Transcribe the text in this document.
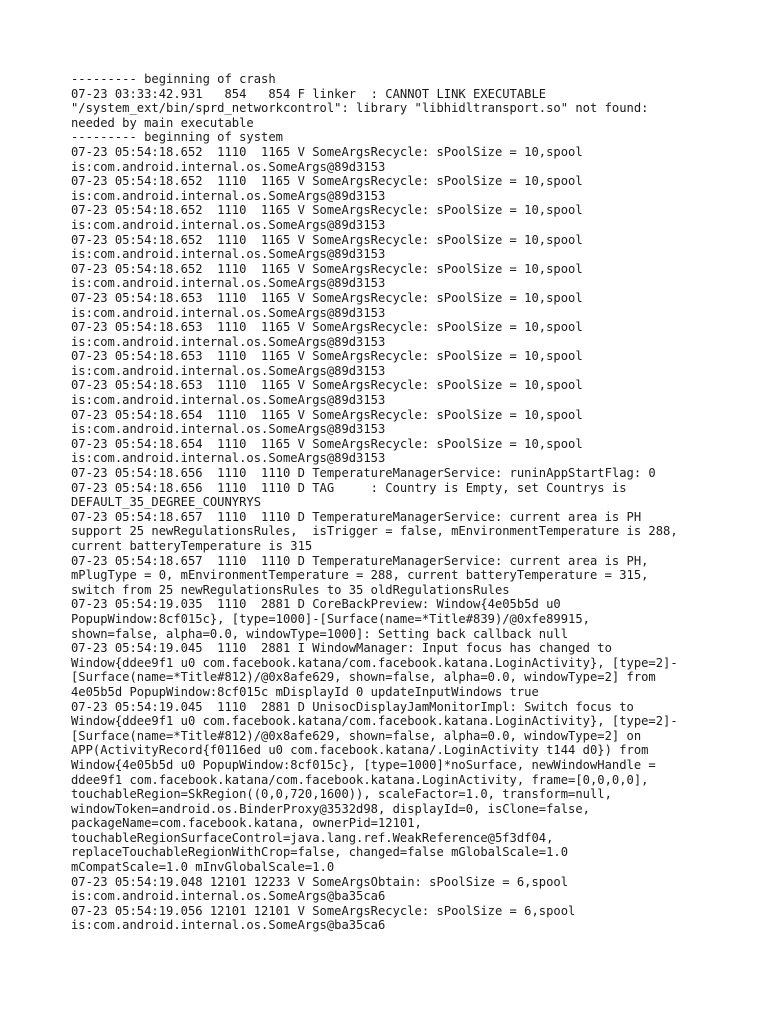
--------- beginning of crash
07-23 03:33:42.931   854   854 F linker  : CANNOT LINK EXECUTABLE
"/system_ext/bin/sprd_networkcontrol": library "libhidltransport.so" not found:
needed by main executable
--------- beginning of system
07-23 05:54:18.652  1110  1165 V SomeArgsRecycle: sPoolSize = 10,spool
is:com.android.internal.os.SomeArgs@89d3153
07-23 05:54:18.652  1110  1165 V SomeArgsRecycle: sPoolSize = 10,spool
is:com.android.internal.os.SomeArgs@89d3153
07-23 05:54:18.652  1110  1165 V SomeArgsRecycle: sPoolSize = 10,spool
is:com.android.internal.os.SomeArgs@89d3153
07-23 05:54:18.652  1110  1165 V SomeArgsRecycle: sPoolSize = 10,spool
is:com.android.internal.os.SomeArgs@89d3153
07-23 05:54:18.652  1110  1165 V SomeArgsRecycle: sPoolSize = 10,spool
is:com.android.internal.os.SomeArgs@89d3153
07-23 05:54:18.653  1110  1165 V SomeArgsRecycle: sPoolSize = 10,spool
is:com.android.internal.os.SomeArgs@89d3153
07-23 05:54:18.653  1110  1165 V SomeArgsRecycle: sPoolSize = 10,spool
is:com.android.internal.os.SomeArgs@89d3153
07-23 05:54:18.653  1110  1165 V SomeArgsRecycle: sPoolSize = 10,spool
is:com.android.internal.os.SomeArgs@89d3153
07-23 05:54:18.653  1110  1165 V SomeArgsRecycle: sPoolSize = 10,spool
is:com.android.internal.os.SomeArgs@89d3153
07-23 05:54:18.654  1110  1165 V SomeArgsRecycle: sPoolSize = 10,spool
is:com.android.internal.os.SomeArgs@89d3153
07-23 05:54:18.654  1110  1165 V SomeArgsRecycle: sPoolSize = 10,spool
is:com.android.internal.os.SomeArgs@89d3153
07-23 05:54:18.656  1110  1110 D TemperatureManagerService: runinAppStartFlag: 0
07-23 05:54:18.656  1110  1110 D TAG     : Country is Empty, set Countrys is
DEFAULT_35_DEGREE_COUNYRYS
07-23 05:54:18.657  1110  1110 D TemperatureManagerService: current area is PH
support 25 newRegulationsRules,  isTrigger = false, mEnvironmentTemperature is 288,
current batteryTemperature is 315
07-23 05:54:18.657  1110  1110 D TemperatureManagerService: current area is PH,
mPlugType = 0, mEnvironmentTemperature = 288, current batteryTemperature = 315,
switch from 25 newRegulationsRules to 35 oldRegulationsRules
07-23 05:54:19.035  1110  2881 D CoreBackPreview: Window{4e05b5d u0
PopupWindow:8cf015c}, [type=1000]-[Surface(name=*Title#839)/@0xfe89915,
shown=false, alpha=0.0, windowType=1000]: Setting back callback null
07-23 05:54:19.045  1110  2881 I WindowManager: Input focus has changed to
Window{ddee9f1 u0 com.facebook.katana/com.facebook.katana.LoginActivity}, [type=2]-
[Surface(name=*Title#812)/@0x8afe629, shown=false, alpha=0.0, windowType=2] from
4e05b5d PopupWindow:8cf015c mDisplayId 0 updateInputWindows true
07-23 05:54:19.045  1110  2881 D UnisocDisplayJamMonitorImpl: Switch focus to
Window{ddee9f1 u0 com.facebook.katana/com.facebook.katana.LoginActivity}, [type=2]-
[Surface(name=*Title#812)/@0x8afe629, shown=false, alpha=0.0, windowType=2] on
APP(ActivityRecord{f0116ed u0 com.facebook.katana/.LoginActivity t144 d0}) from
Window{4e05b5d u0 PopupWindow:8cf015c}, [type=1000]*noSurface, newWindowHandle =
ddee9f1 com.facebook.katana/com.facebook.katana.LoginActivity, frame=[0,0,0,0],
touchableRegion=SkRegion((0,0,720,1600)), scaleFactor=1.0, transform=null,
windowToken=android.os.BinderProxy@3532d98, displayId=0, isClone=false,
packageName=com.facebook.katana, ownerPid=12101,
touchableRegionSurfaceControl=java.lang.ref.WeakReference@5f3df04,
replaceTouchableRegionWithCrop=false, changed=false mGlobalScale=1.0
mCompatScale=1.0 mInvGlobalScale=1.0
07-23 05:54:19.048 12101 12233 V SomeArgsObtain: sPoolSize = 6,spool
is:com.android.internal.os.SomeArgs@ba35ca6
07-23 05:54:19.056 12101 12101 V SomeArgsRecycle: sPoolSize = 6,spool
is:com.android.internal.os.SomeArgs@ba35ca6
